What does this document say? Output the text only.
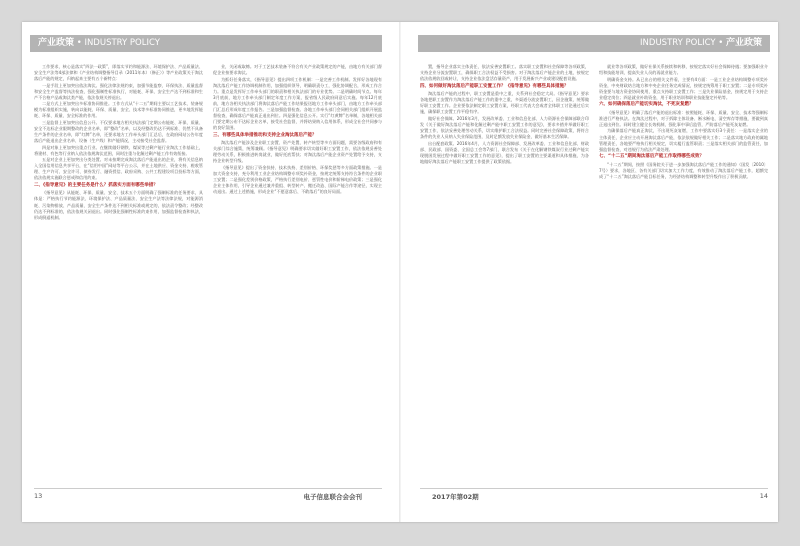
产业政策 • INDUSTRY POLICY

工作要求，核心是落实“四法一政策”，即落实节约和能源法、环境保护法、产品质量法、安全生产法等4部法律和《产业结构调整指导目录（2011年本）（修正）》等产业政策关于淘汰落后产能的规定，归纳起来主要有五个新特点：

一是手段上更加突出依法淘汰。强化法律法规约束，加强节能监察、环保执法、质量监督和安全生产监督等执法检查，强化强制性标准执行，对能耗、环保、安全生产达不到标准和生产不合格产品或淘汰类产能，依法依规关停退出。

二是方式上更加突出多标准协同推进。工作方式从“十二五”期间主要以工艺技术、装备规模为标准组织实施，转向以能耗、环保、质量、安全、技术等多标准协同推进，更多地发挥能耗、环保、质量、安全标准的作用。

三是监督上更加突出信息公开。不仅要求地方相关执法部门定期公布能耗、环保、质量、安全不达标企业限期整改的企业名单，即“整改”名单，以及经整改仍达不到标准、仍然不具备生产条件的企业名单，即“红牌”名单，还要求地方工作牵头部门汇总后，在政府网站公告年度落后产能退出企业名单、设备（生产线）和产能情况，主动接受社会监督。

四是对象上更加突出重点行业。在继续做好钢铁、煤炭等过剩产能行业淘汰工作基础上，将建材、有色等行业纳入依法依规淘汰范围，同时注重与化解过剩产能工作有效衔接。

五是对企业上更加突出分类处置。对未按期完成淘汰落后产能退出的企业，将有关信息纳入全国信用信息共享平台，在“信用中国”网站等平台公示，并在土地供应、资金支持、税收管理、生产许可、安全许可、债券发行、融资授信、政府采购、公共工程建设项目投标等方面，依法依规实施联合惩戒和信用约束。

二、《指导意见》的主要任务是什么？抓落实方面有哪些举措？

《指导意见》从能耗、环保、质量、安全、技术五个方面明确了强制标准的任务要求，具体是：严格执行节约能源法、环境保护法、产品质量法、安全生产法等法律法规，对能源消耗、污染物排放、产品质量、安全生产条件达不到相关标准或规定的，依法责令整改；经整改仍达不到标准的，依法依规关闭退出。同时强化强制性标准约束作用，加强监督检查和执法，形成倒逼机制。

业，关闭或取缔。对于工艺技术装备不符合有关产业政策规定的产能，由地方有关部门督促企业按要求淘汰。

为抓好任务落实，《指导意见》提出四项工作机制：一是完善工作机制。发挥好各地现有淘汰落后产能工作协调机制作用，加强组织领导，明确职责分工，强化协调配合，形成工作合力。重点是发挥好工作牵头部门的职责和相关执法部门的专业优势。二是明确时间节点。每年3月底前，地方工作牵头部门制定年度工作方案，报省级人民政府同意后实施。每年12月底前，地方各相关执法部门将淘汰落后产能工作结果报送地方工作牵头部门，由地方工作牵头部门汇总后形成年度工作报告。三是加强监督检查。各地工作牵头部门会同相关部门组织开展监督检查，确保落后产能真正退出到位。四是强化信息公开。实行“红黄牌”名单制，各地相关部门要定期公布不达标企业名单，接受社会监督，并将结果纳入信用体系，形成全社会共同参与的良好氛围。

三、有哪些具体举措推动和支持企业淘汰落后产能？

淘汰落后产能涉及企业职工安置、资产处置、转产转型等多方面问题，需要各级政府和有关部门综合施策，统筹兼顾。《指导意见》明确要求切实做好职工安置工作，依法依规妥善处理劳动关系，积极推进转岗就业，做好托底帮扶；对淘汰落后产能企业资产处置给予支持，支持企业转型升级。

《指导意见》提出了资金扶持、技术扶持、差别价格、环保奖惩等多方面政策措施。一是加大资金支持，充分利用工业企业结构调整专项奖补资金，按规定统筹支持符合条件的企业职工安置；二是强化差别价格政策，严格执行差别电价、惩罚性电价和阶梯电价政策；三是强化企业主体作用，引导企业通过兼并重组、转型转产、搬迁改造、国际产能合作等途径，实现主动退出。通过上述措施，形成企业“不愿意落后、不敢落后”的良好局面。

13	电子信息联合会会刊
INDUSTRY POLICY • 产业政策

置，指导企业落实主体责任，依法妥善安置职工。落实职工安置和社会保障等各项政策，支持企业分流安置职工，确保职工合法权益不受损害。对于淘汰落后产能企业的土地，按规定依法依规收回或转让，支持企业依法盘活存量资产，用于发展新兴产业或建设配套设施。

四、如何做好淘汰落后产能职工安置工作？《指导意见》有哪些具体措施？

淘汰落后产能的过程中，职工安置是重中之重，关系到社会稳定大局。《指导意见》要求各地把职工安置作为淘汰落后产能工作的重中之重，多渠道分流安置职工，因企施策，统筹做好职工安置工作。企业要依法制定职工安置方案，经职工代表大会或者全体职工讨论通过后实施，确保职工安置工作平稳有序。

做好社会保障。2016年3月，发展改革委、工业和信息化部、人力资源社会保障部联合印发《关于做好淘汰落后产能和化解过剩产能中职工安置工作的意见》，要求多措并举做好职工安置工作，依法妥善处理劳动关系，切实维护职工合法权益。同时完善社会保障政策，将符合条件的失业人员纳入失业保险范围，及时足额发放失业保险金，做好基本生活保障。

出台配套政策。2016年4月，人力资源社会保障部、发展改革委、工业和信息化部、财政部、民政部、国资委、全国总工会等7部门，联合发布《关于在化解钢铁煤炭行业过剩产能实现脱困发展过程中做好职工安置工作的意见》，提出了职工安置的主要渠道和具体措施，为各地做好淘汰落后产能职工安置工作提供了政策依据。

就业等各项政策，做好社保关系接续和转移，按规定落实好社会保障待遇；要加强职业介绍和技能培训，提高失业人员的再就业能力。

明确资金支持。从已出台的相关文件看，主要有4方面：一是工业企业结构调整专项奖补资金，中央财政结合地方和中央企业任务完成情况，按规定统筹用于职工安置；二是专项奖补资金要与地方资金协同使用，重点支持职工安置工作；三是失业保险基金，按规定用于支持企业稳定岗位；四是就业补助资金，用于职业培训和职业技能鉴定补贴等。

六、如何确保落后产能切实淘汰，不死灰复燃？

《指导意见》明确了落后产能的退出标准：按照能耗、环保、质量、安全、技术等强制标准进行严格执法。在淘汰过程中，对于拆除主体设备、断水断电、清空库存等措施，要做到真正退出到位。同时建立健全长效机制，强化事中事后监管，严防落后产能死灰复燃。

为确保落后产能真正淘汰，不出现死灰复燃，工作中要落实好3个责任：一是落实企业的主体责任，企业应主动开展淘汰落后产能，依法依规做好相关工作；二是落实地方政府的属地管理责任，各地要严格执行相关规定，切实履行监管职责；三是落实相关部门的监管责任，加强监督检查，对违规行为依法严肃处理。

七、“十二五”期间淘汰落后产能工作取得哪些成效？

“十二五”期间，按照《国务院关于进一步加强淘汰落后产能工作的通知》（国发〔2010〕7号）要求，各地区、各有关部门切实加大工作力度，有效推动了淘汰落后产能工作，超额完成了“十二五”淘汰落后产能目标任务，为经济结构调整和转型升级作出了积极贡献。

2017年第02期	14
